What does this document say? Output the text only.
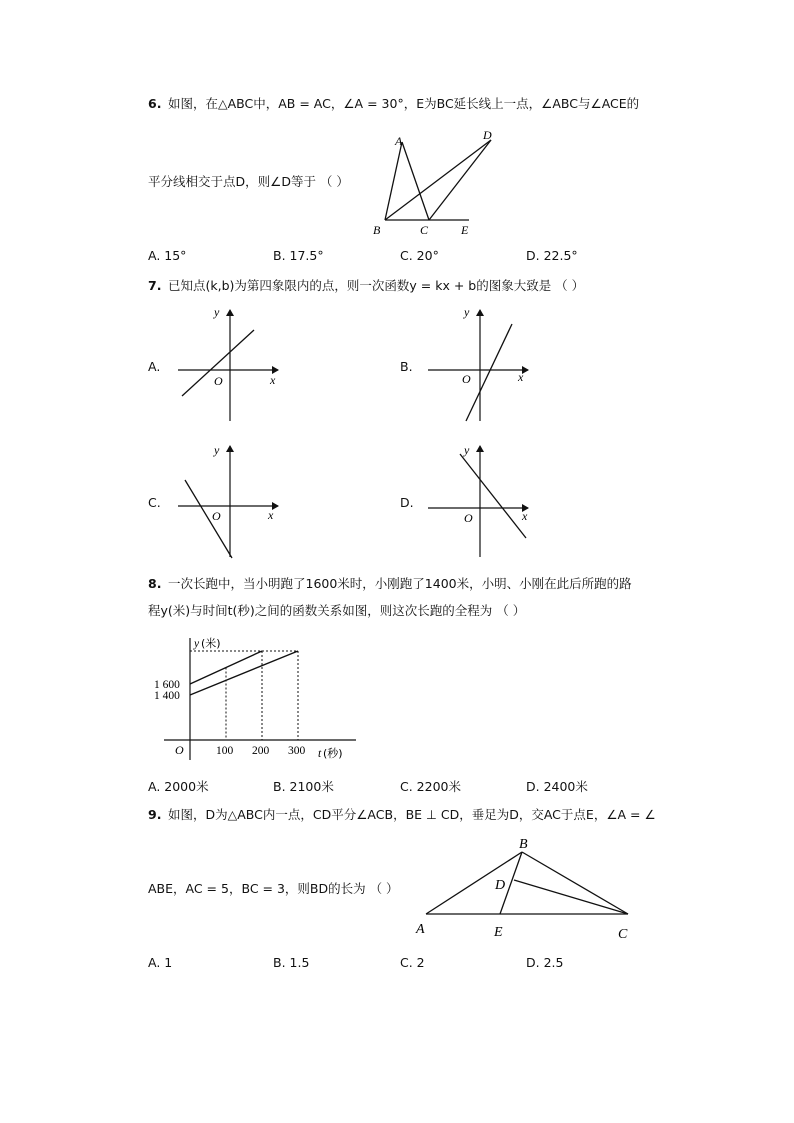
6. 如图，在△ABC中，AB = AC，∠A = 30°，E为BC延长线上一点，∠ABC与∠ACE的
平分线相交于点D，则∠D等于 （ ）
A	D
B	C	E
A. 15°	B. 17.5°	C. 20°	D. 22.5°
7. 已知点(k,b)为第四象限内的点，则一次函数y = kx + b的图象大致是 （ ）
A.
y
x
O
B.
y
x
O
C.
y
x
O
D.
y
x
O
8. 一次长跑中，当小明跑了1600米时，小刚跑了1400米，小明、小刚在此后所跑的路
程y(米)与时间t(秒)之间的函数关系如图，则这次长跑的全程为 （ ）
y (米)
t (秒)
O	100 200 300
1 600
1 400
A. 2000米	B. 2100米	C. 2200米	D. 2400米
9. 如图，D为△ABC内一点，CD平分∠ACB，BE ⊥ CD，垂足为D，交AC于点E，∠A = ∠
ABE，AC = 5，BC = 3，则BD的长为 （ ）
B
D
A	E	C
A. 1	B. 1.5	C. 2	D. 2.5
